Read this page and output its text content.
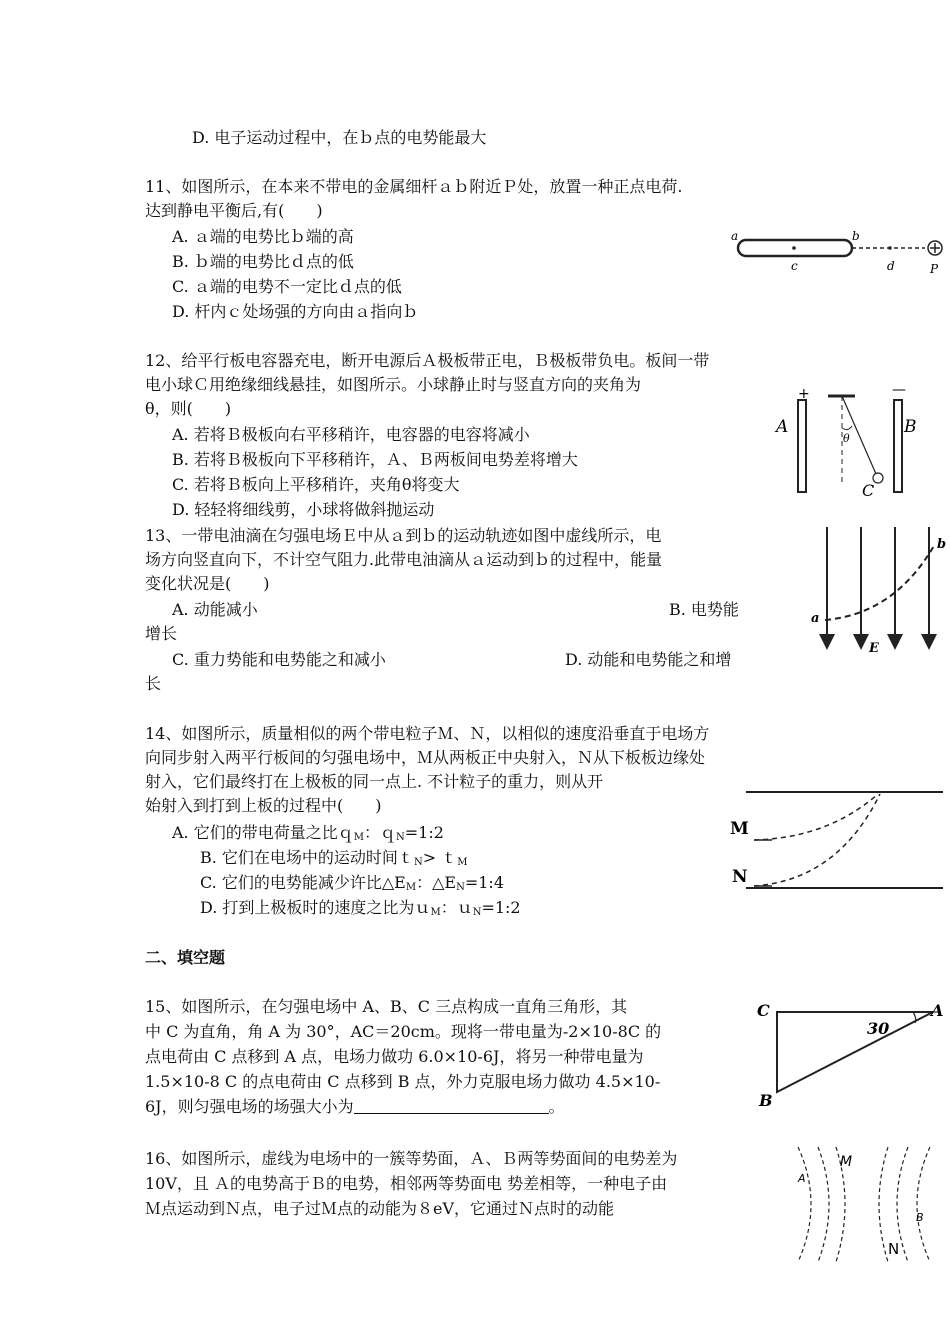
D. 电子运动过程中，在ｂ点的电势能最大
11、如图所示，在本来不带电的金属细杆ａｂ附近Ｐ处，放置一种正点电荷.
达到静电平衡后,有(　　)
A. ａ端的电势比ｂ端的高
B. ｂ端的电势比ｄ点的低
C. ａ端的电势不一定比ｄ点的低
D. 杆内ｃ处场强的方向由ａ指向ｂ
a	b
c	d	P
12、给平行板电容器充电，断开电源后Ａ极板带正电，Ｂ极板带负电。板间一带
电小球Ｃ用绝缘细线悬挂，如图所示。小球静止时与竖直方向的夹角为
θ，则(　　)
A. 若将Ｂ极板向右平移稍许，电容器的电容将减小
B. 若将Ｂ极板向下平移稍许，Ａ、Ｂ两板间电势差将增大
C. 若将Ｂ板向上平移稍许，夹角θ将变大
D. 轻轻将细线剪，小球将做斜抛运动
A	B
C
θ
+	—
13、一带电油滴在匀强电场Ｅ中从ａ到ｂ的运动轨迹如图中虚线所示，电
场方向竖直向下，不计空气阻力.此带电油滴从ａ运动到ｂ的过程中，能量
变化状况是(　　)
A. 动能减小	B. 电势能
增长
C. 重力势能和电势能之和减小	D. 动能和电势能之和增
长
a
b
E
14、如图所示，质量相似的两个带电粒子Ｍ、Ｎ，以相似的速度沿垂直于电场方
向同步射入两平行板间的匀强电场中，Ｍ从两板正中央射入，Ｎ从下板板边缘处
射入，它们最终打在上极板的同一点上. 不计粒子的重力，则从开
始射入到打到上板的过程中(　　)
A. 它们的带电荷量之比ｑ$_M$：ｑ$_N$=1:2
B. 它们在电场中的运动时间ｔ$_N$> ｔ$_M$
C. 它们的电势能减少许比$\triangle E_M$：$\triangle E_N=1:4$
D. 打到上极板时的速度之比为ｕ$_M$：ｕ$_N$=1:2
M
N
二、填空题
15、如图所示，在匀强电场中 A、B、C 三点构成一直角三角形，其
中 C 为直角，角 A 为 30°，AC＝20cm。现将一带电量为-2×10-8C 的
点电荷由 C 点移到 A 点，电场力做功 6.0×10-6J，将另一种带电量为
1.5×10-8 C 的点电荷由 C 点移到 B 点，外力克服电场力做功 4.5×10-
6J，则匀强电场的场强大小为	。
C	A
B
30
16、如图所示，虚线为电场中的一簇等势面，Ａ、Ｂ两等势面间的电势差为
10V，且 Ａ的电势高于Ｂ的电势，相邻两等势面电 势差相等，一种电子由
Ｍ点运动到Ｎ点，电子过Ｍ点的动能为８eV，它通过Ｎ点时的动能
A
M
B
N
